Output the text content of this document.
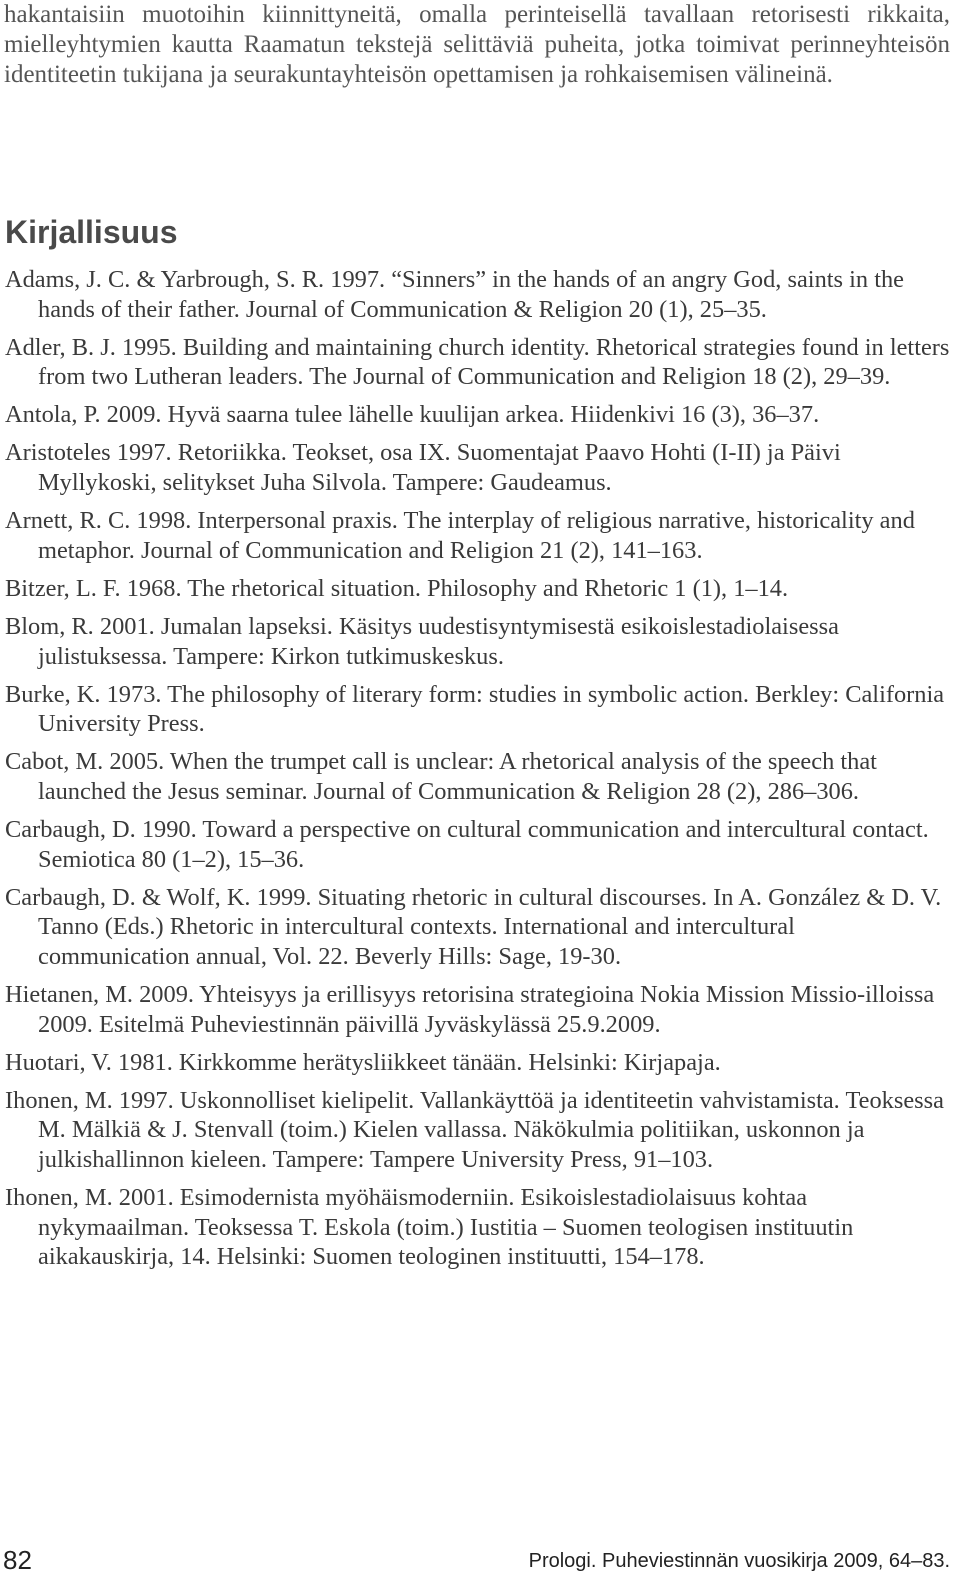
hakantaisiin muotoihin kiinnittyneitä, omalla perinteisellä tavallaan retorisesti rikkaita, mielleyhtymien kautta Raamatun tekstejä selittäviä puheita, jotka toimivat perinneyhteisön identiteetin tukijana ja seurakuntayhteisön opettamisen ja rohkaisemisen välineinä.

Kirjallisuus
Adams, J. C. & Yarbrough, S. R. 1997. “Sinners” in the hands of an angry God, saints in the hands of their father. Journal of Communication & Religion 20 (1), 25–35.
Adler, B. J. 1995. Building and maintaining church identity. Rhetorical strategies found in letters from two Lutheran leaders. The Journal of Communication and Religion 18 (2), 29–39.
Antola, P. 2009. Hyvä saarna tulee lähelle kuulijan arkea. Hiidenkivi 16 (3), 36–37.
Aristoteles 1997. Retoriikka. Teokset, osa IX. Suomentajat Paavo Hohti (I-II) ja Päivi Myllykoski, selitykset Juha Silvola. Tampere: Gaudeamus.
Arnett, R. C. 1998. Interpersonal praxis. The interplay of religious narrative, historicality and metaphor. Journal of Communication and Religion 21 (2), 141–163.
Bitzer, L. F. 1968. The rhetorical situation. Philosophy and Rhetoric 1 (1), 1–14.
Blom, R. 2001. Jumalan lapseksi. Käsitys uudestisyntymisestä esikoislestadiolaisessa julistuksessa. Tampere: Kirkon tutkimuskeskus.
Burke, K. 1973. The philosophy of literary form: studies in symbolic action. Berkley: California University Press.
Cabot, M. 2005. When the trumpet call is unclear: A rhetorical analysis of the speech that launched the Jesus seminar. Journal of Communication & Religion 28 (2), 286–306.
Carbaugh, D. 1990. Toward a perspective on cultural communication and intercultural contact. Semiotica 80 (1–2), 15–36.
Carbaugh, D. & Wolf, K. 1999. Situating rhetoric in cultural discourses. In A. González & D. V. Tanno (Eds.) Rhetoric in intercultural contexts. International and intercultural communication annual, Vol. 22. Beverly Hills: Sage, 19-30.
Hietanen, M. 2009. Yhteisyys ja erillisyys retorisina strategioina Nokia Mission Missio-illoissa 2009. Esitelmä Puheviestinnän päivillä Jyväskylässä 25.9.2009.
Huotari, V. 1981. Kirkkomme herätysliikkeet tänään. Helsinki: Kirjapaja.
Ihonen, M. 1997. Uskonnolliset kielipelit. Vallankäyttöä ja identiteetin vahvistamista. Teoksessa M. Mälkiä & J. Stenvall (toim.) Kielen vallassa. Näkökulmia politiikan, uskonnon ja julkishallinnon kieleen. Tampere: Tampere University Press, 91–103.
Ihonen, M. 2001. Esimodernista myöhäismoderniin. Esikoislestadiolaisuus kohtaa nykymaailman. Teoksessa T. Eskola (toim.) Iustitia – Suomen teologisen instituutin aikakauskirja, 14. Helsinki: Suomen teologinen instituutti, 154–178.
82	Prologi. Puheviestinnän vuosikirja 2009, 64–83.
